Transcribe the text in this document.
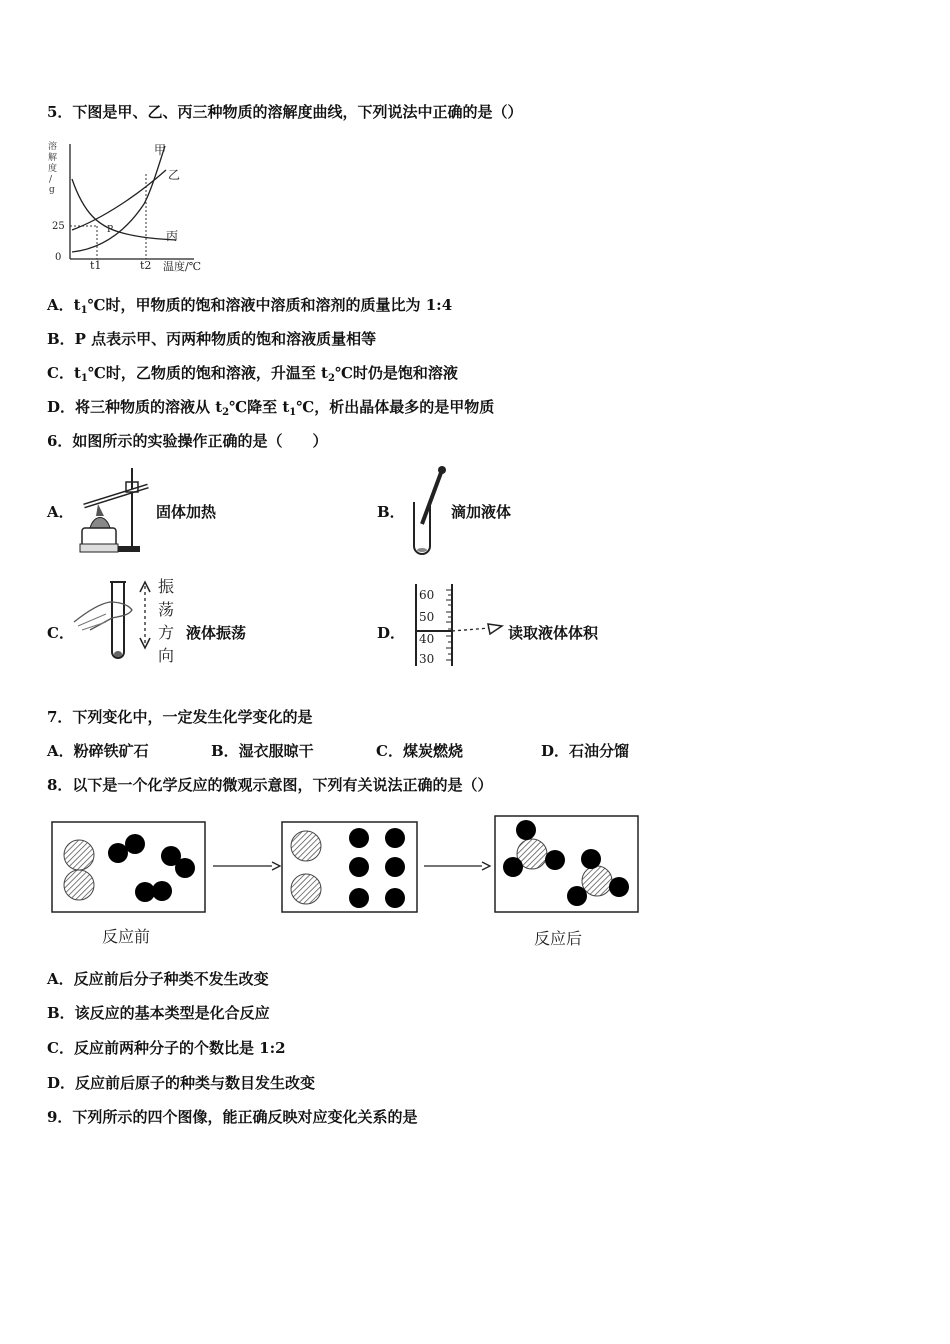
5．下图是甲、乙、丙三种物质的溶解度曲线，下列说法中正确的是（）
溶
解
度
/
g
甲
乙
丙
25
0
P
t1	t2 温度/℃
A．$t_1℃$时，甲物质的饱和溶液中溶质和溶剂的质量比为 1:4
B．P 点表示甲、丙两种物质的饱和溶液质量相等
C．$t_1℃$时，乙物质的饱和溶液，升温至 $t_2℃$时仍是饱和溶液
D．将三种物质的溶液从 $t_2℃$降至 $t_1℃$，析出晶体最多的是甲物质
6．如图所示的实验操作正确的是（　　）
A．	固体加热	B．	滴加液体
C．
振
荡
方
向
液体振荡	D．
60
50
40
30
读取液体体积
7．下列变化中，一定发生化学变化的是
A．粉碎铁矿石	B．湿衣服晾干	C．煤炭燃烧	D．石油分馏
8．以下是一个化学反应的微观示意图，下列有关说法正确的是（）
反应前	反应后
A．反应前后分子种类不发生改变
B．该反应的基本类型是化合反应
C．反应前两种分子的个数比是 1:2
D．反应前后原子的种类与数目发生改变
9．下列所示的四个图像，能正确反映对应变化关系的是
